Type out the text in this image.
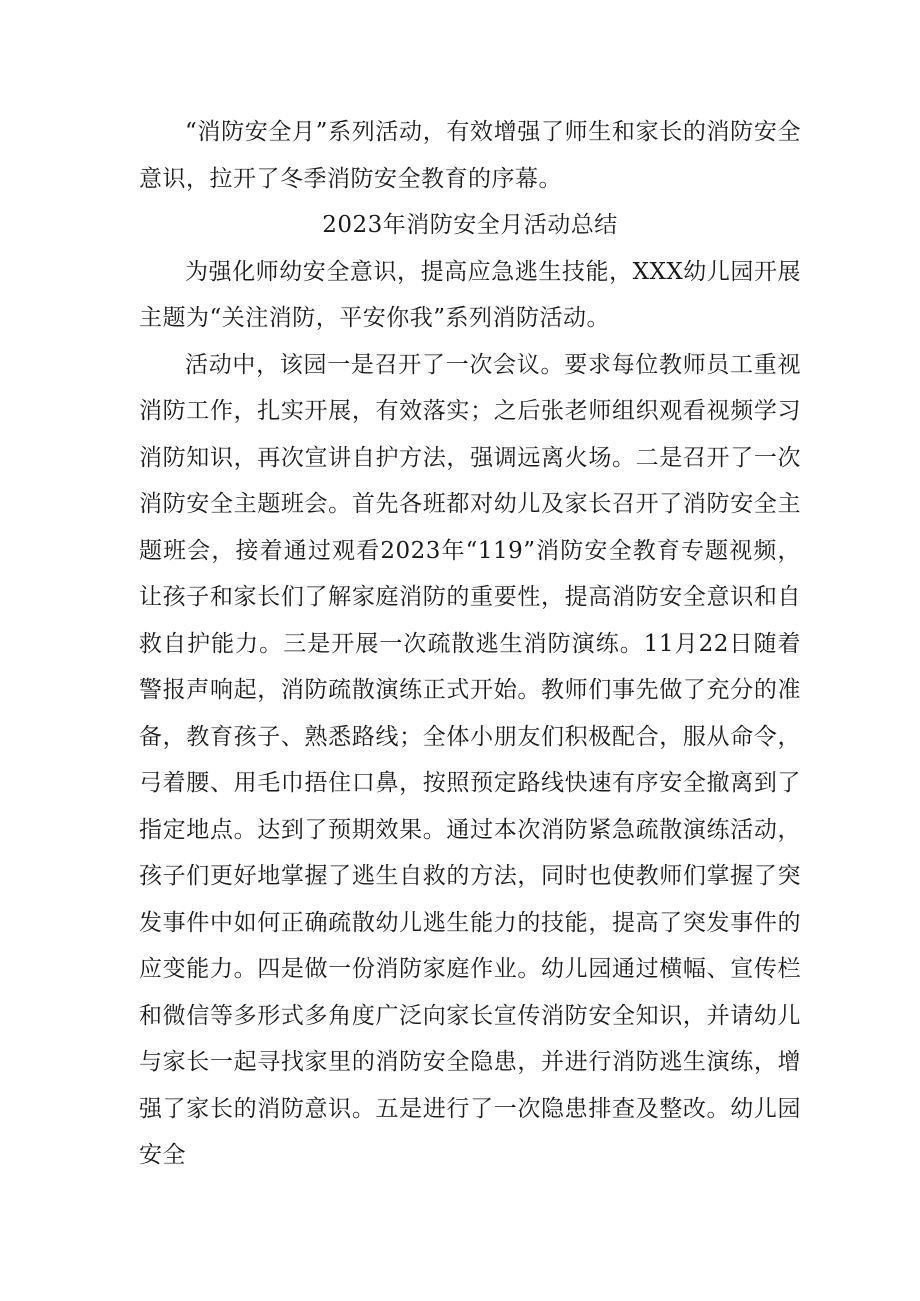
“消防安全月”系列活动，有效增强了师生和家长的消防安全意识，拉开了冬季消防安全教育的序幕。

2023年消防安全月活动总结

为强化师幼安全意识，提高应急逃生技能，XXX幼儿园开展主题为“关注消防，平安你我”系列消防活动。

活动中，该园一是召开了一次会议。要求每位教师员工重视消防工作，扎实开展，有效落实；之后张老师组织观看视频学习消防知识，再次宣讲自护方法，强调远离火场。二是召开了一次消防安全主题班会。首先各班都对幼儿及家长召开了消防安全主题班会，接着通过观看2023年“119”消防安全教育专题视频，让孩子和家长们了解家庭消防的重要性，提高消防安全意识和自救自护能力。三是开展一次疏散逃生消防演练。11月22日随着警报声响起，消防疏散演练正式开始。教师们事先做了充分的准备，教育孩子、熟悉路线；全体小朋友们积极配合，服从命令，弓着腰、用毛巾捂住口鼻，按照预定路线快速有序安全撤离到了指定地点。达到了预期效果。通过本次消防紧急疏散演练活动，孩子们更好地掌握了逃生自救的方法，同时也使教师们掌握了突发事件中如何正确疏散幼儿逃生能力的技能，提高了突发事件的应变能力。四是做一份消防家庭作业。幼儿园通过横幅、宣传栏和微信等多形式多角度广泛向家长宣传消防安全知识，并请幼儿与家长一起寻找家里的消防安全隐患，并进行消防逃生演练，增强了家长的消防意识。五是进行了一次隐患排查及整改。幼儿园安全
